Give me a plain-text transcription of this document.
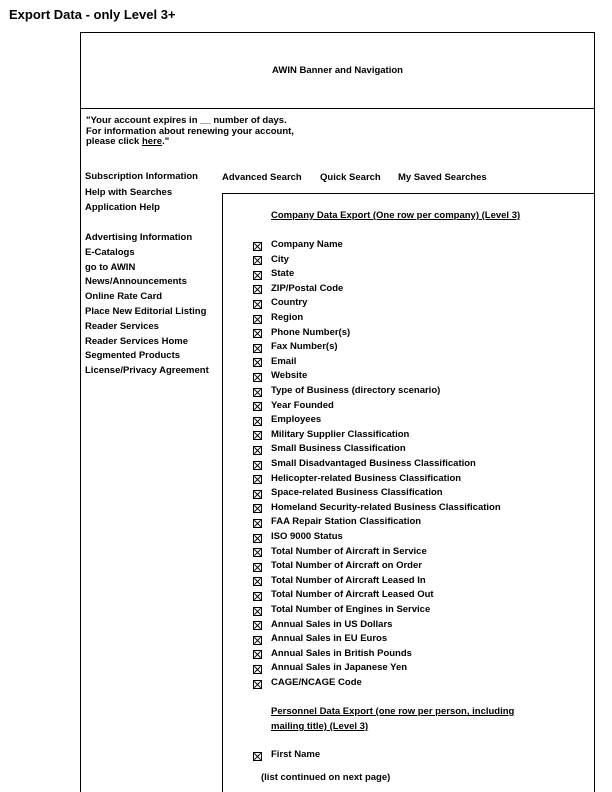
Export Data - only Level 3+
AWIN Banner and Navigation
"Your account expires in __ number of days.
For information about renewing your account,
please click here."
Subscription Information
Help with Searches
Application Help
Advertising Information
E-Catalogs
go to AWIN
News/Announcements
Online Rate Card
Place New Editorial Listing
Reader Services
Reader Services Home
Segmented Products
License/Privacy Agreement
Advanced Search Quick Search My Saved Searches
Company Data Export (One row per company) (Level 3)
Company Name
City
State
ZIP/Postal Code
Country
Region
Phone Number(s)
Fax Number(s)
Email
Website
Type of Business (directory scenario)
Year Founded
Employees
Military Supplier Classification
Small Business Classification
Small Disadvantaged Business Classification
Helicopter-related Business Classification
Space-related Business Classification
Homeland Security-related Business Classification
FAA Repair Station Classification
ISO 9000 Status
Total Number of Aircraft in Service
Total Number of Aircraft on Order
Total Number of Aircraft Leased In
Total Number of Aircraft Leased Out
Total Number of Engines in Service
Annual Sales in US Dollars
Annual Sales in EU Euros
Annual Sales in British Pounds
Annual Sales in Japanese Yen
CAGE/NCAGE Code
Personnel Data Export (one row per person, including
mailing title) (Level 3)
First Name
(list continued on next page)
